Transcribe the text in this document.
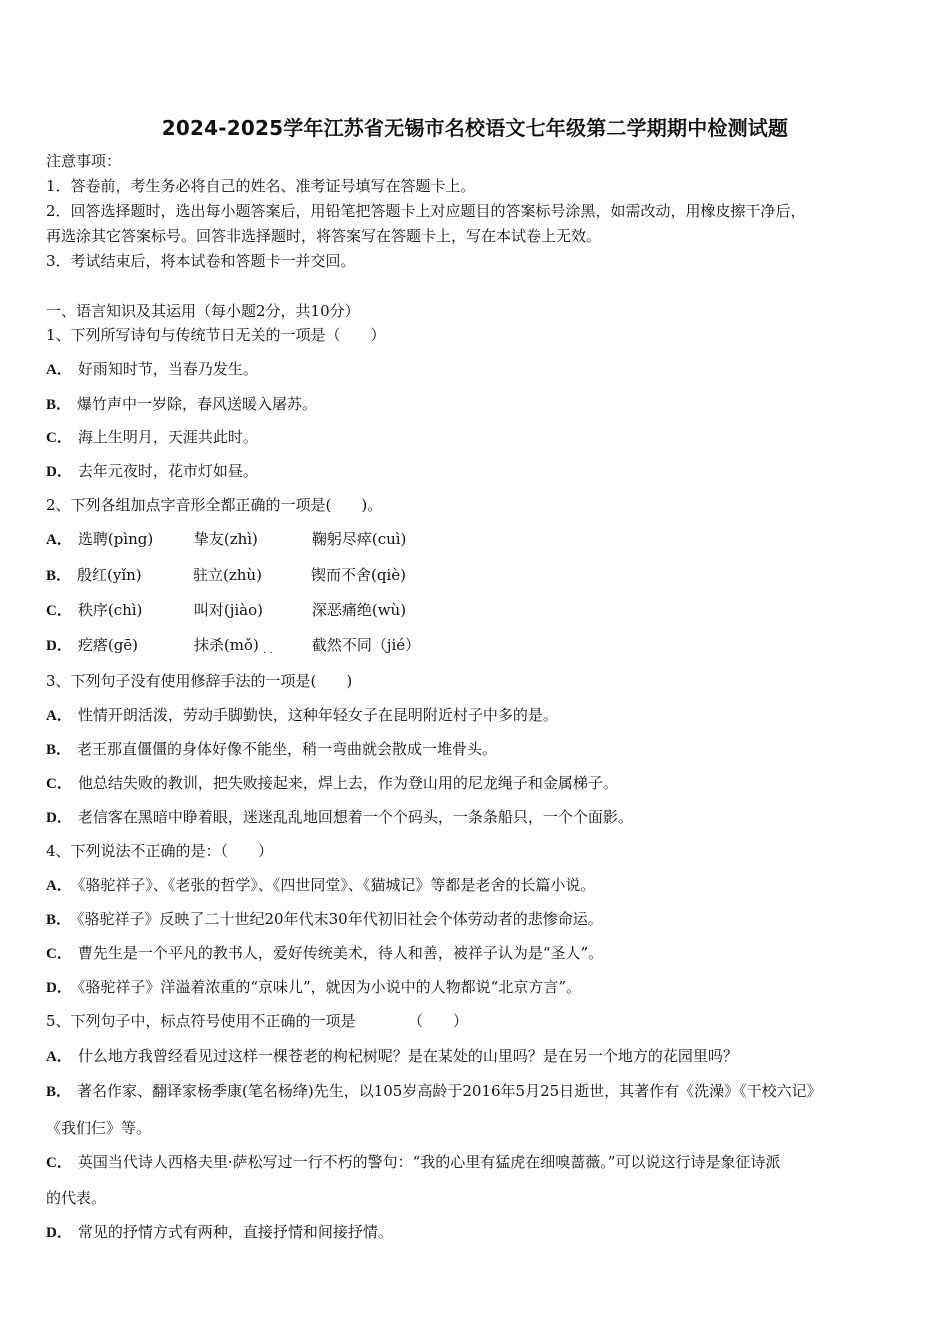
2024-2025学年江苏省无锡市名校语文七年级第二学期期中检测试题
注意事项：
1．答卷前，考生务必将自己的姓名、准考证号填写在答题卡上。
2．回答选择题时，选出每小题答案后，用铅笔把答题卡上对应题目的答案标号涂黑，如需改动，用橡皮擦干净后，
再选涂其它答案标号。回答非选择题时，将答案写在答题卡上，写在本试卷上无效。
3．考试结束后，将本试卷和答题卡一并交回。
一、语言知识及其运用（每小题2分，共10分）
1、下列所写诗句与传统节日无关的一项是（　　）
A． 好雨知时节，当春乃发生。
B． 爆竹声中一岁除，春风送暖入屠苏。
C． 海上生明月，天涯共此时。
D． 去年元夜时，花市灯如昼。
2、下列各组加点字音形全都正确的一项是(　　)。
A． 选聘(pìng)	挚友(zhì)	鞠躬尽瘁(cuì)
B． 殷红(yǐn)	驻立(zhù)	锲而不舍(qiè)
C． 秩序(chì)	叫对(jiào)	深恶痛绝(wù)
D． 疙瘩(gē)	抹杀(mǒ)	截然不同（jié）
· ·
3、下列句子没有使用修辞手法的一项是(　　)
A． 性情开朗活泼，劳动手脚勤快，这种年轻女子在昆明附近村子中多的是。
B． 老王那直僵僵的身体好像不能坐，稍一弯曲就会散成一堆骨头。
C． 他总结失败的教训，把失败接起来，焊上去，作为登山用的尼龙绳子和金属梯子。
D． 老信客在黑暗中睁着眼，迷迷乱乱地回想着一个个码头，一条条船只，一个个面影。
4、下列说法不正确的是：（　　）
A． 《骆驼祥子》、《老张的哲学》、《四世同堂》、《猫城记》等都是老舍的长篇小说。
B． 《骆驼祥子》反映了二十世纪20年代末30年代初旧社会个体劳动者的悲惨命运。
C． 曹先生是一个平凡的教书人，爱好传统美术，待人和善，被祥子认为是“圣人”。
D． 《骆驼祥子》洋溢着浓重的“京味儿”，就因为小说中的人物都说“北京方言”。
5、下列句子中，标点符号使用不正确的一项是　　　　（　　）
A． 什么地方我曾经看见过这样一棵苍老的枸杞树呢？是在某处的山里吗？是在另一个地方的花园里吗？
B． 著名作家、翻译家杨季康(笔名杨绛)先生，以105岁高龄于2016年5月25日逝世，其著作有《洗澡》《干校六记》
《我们仨》等。
C． 英国当代诗人西格夫里·萨松写过一行不朽的警句：“我的心里有猛虎在细嗅蔷薇。”可以说这行诗是象征诗派
的代表。
D． 常见的抒情方式有两种，直接抒情和间接抒情。
